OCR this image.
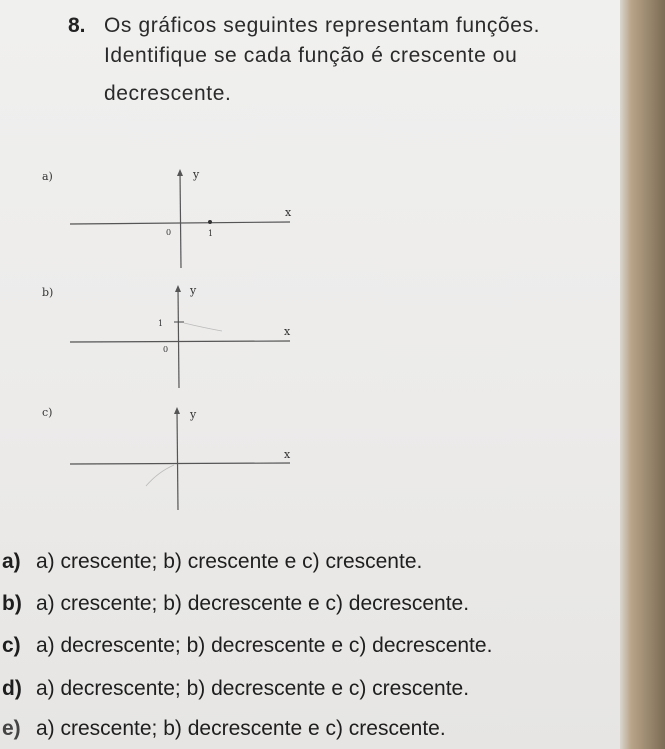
8. Os gráficos seguintes representam funções.
Identifique se cada função é crescente ou
decrescente.
a)	y
x
0	1
b)	y
x
1
0
c)	y
x
a) a) crescente; b) crescente e c) crescente.
b) a) crescente; b) decrescente e c) decrescente.
c) a) decrescente; b) decrescente e c) decrescente.
d) a) decrescente; b) decrescente e c) crescente.
e) a) crescente; b) decrescente e c) crescente.
